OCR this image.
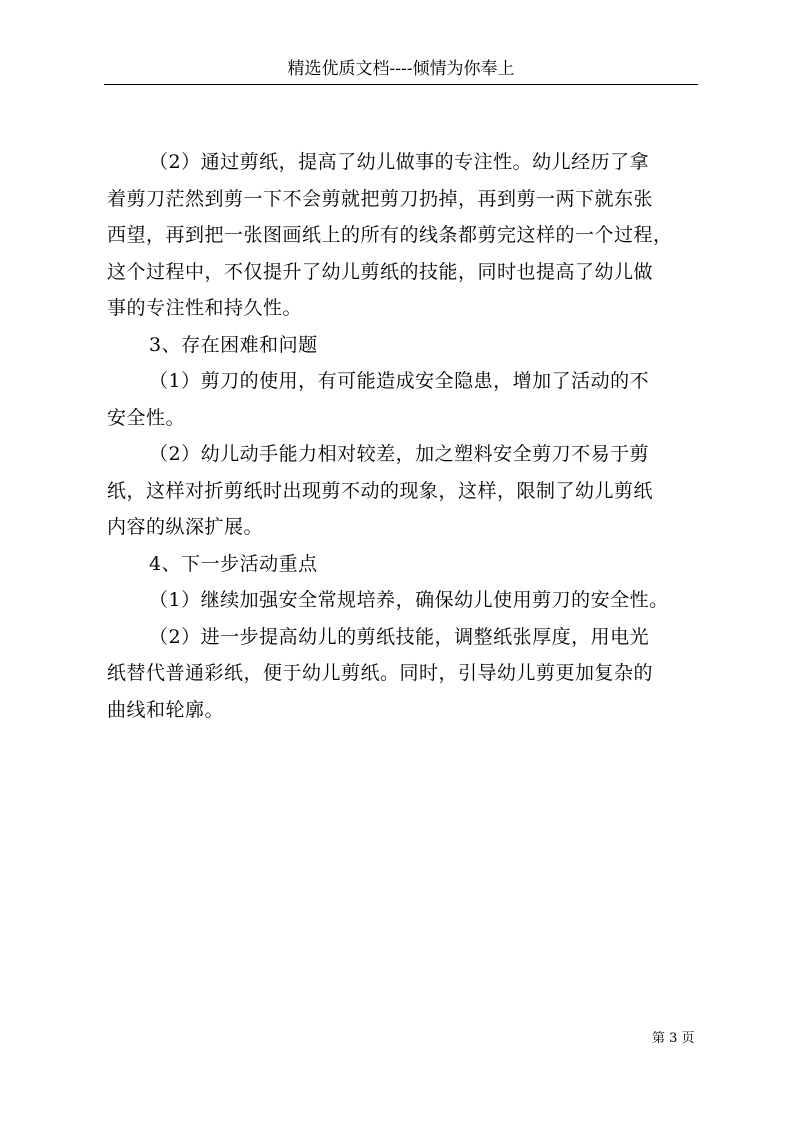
精选优质文档----倾情为你奉上
（2）通过剪纸，提高了幼儿做事的专注性。幼儿经历了拿
着剪刀茫然到剪一下不会剪就把剪刀扔掉，再到剪一两下就东张
西望，再到把一张图画纸上的所有的线条都剪完这样的一个过程，
这个过程中，不仅提升了幼儿剪纸的技能，同时也提高了幼儿做
事的专注性和持久性。
3、存在困难和问题
（1）剪刀的使用，有可能造成安全隐患，增加了活动的不
安全性。
（2）幼儿动手能力相对较差，加之塑料安全剪刀不易于剪
纸，这样对折剪纸时出现剪不动的现象，这样，限制了幼儿剪纸
内容的纵深扩展。
4、下一步活动重点
（1）继续加强安全常规培养，确保幼儿使用剪刀的安全性。
（2）进一步提高幼儿的剪纸技能，调整纸张厚度，用电光
纸替代普通彩纸，便于幼儿剪纸。同时，引导幼儿剪更加复杂的
曲线和轮廓。
第 3 页
